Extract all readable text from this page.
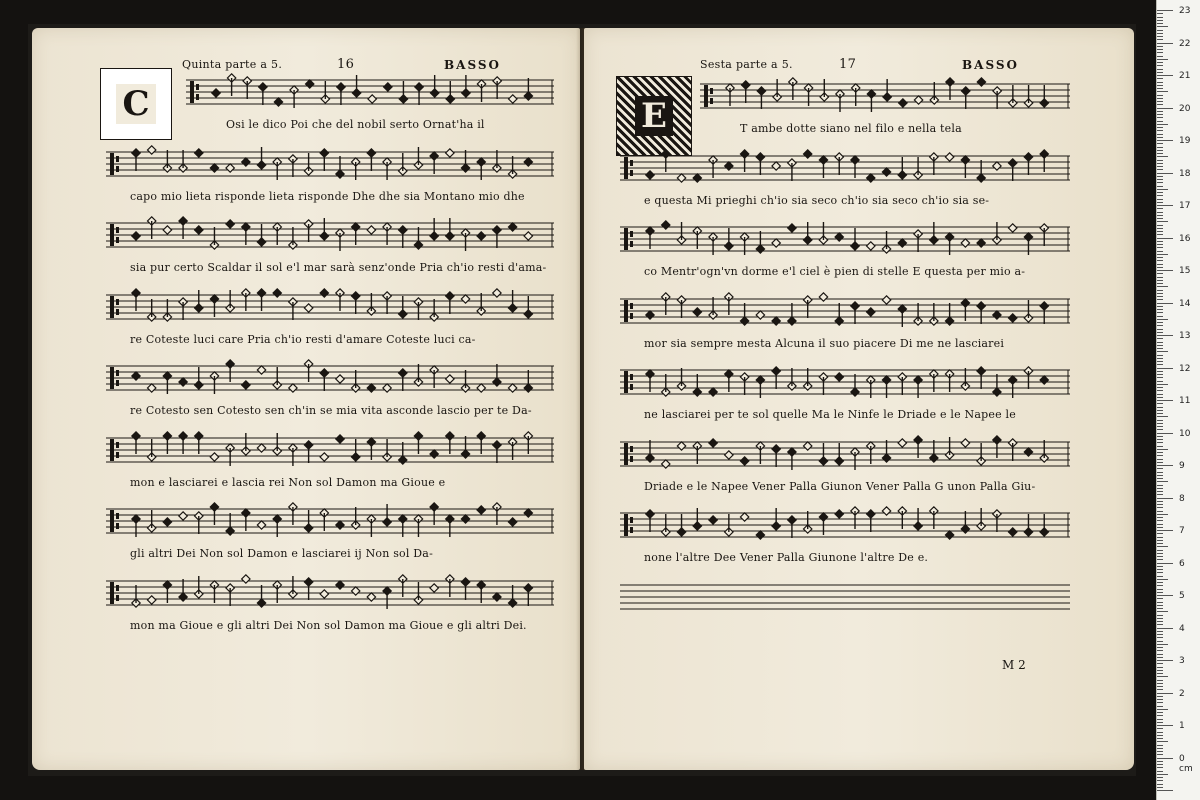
Quinta parte a 5.	16	BASSO
C
Osi le dico Poi che del nobil serto Ornat'ha il
capo mio lieta risponde lieta risponde Dhe dhe sia Montano mio dhe
sia pur certo Scaldar il sol e'l mar sarà senz'onde Pria ch'io resti d'ama-
re Coteste luci care Pria ch'io resti d'amare Coteste luci ca-
re Cotesto sen Cotesto sen ch'in se mia vita asconde lascio per te Da-
mon e lasciarei e lascia rei Non sol Damon ma Gioue e
gli altri Dei Non sol Damon e lasciarei ij Non sol Da-
mon ma Gioue e gli altri Dei Non sol Damon ma Gioue e gli altri Dei.
Sesta parte a 5.	17	BASSO
E	T ambe dotte siano nel filo e nella tela
e questa Mi prieghi ch'io sia seco ch'io sia seco ch'io sia se-
co Mentr'ogn'vn dorme e'l ciel è pien di stelle E questa per mio a-
mor sia sempre mesta Alcuna il suo piacere Di me ne lasciarei
ne lasciarei per te sol quelle Ma le Ninfe le Driade e le Napee le
Driade e le Napee Vener Palla Giunon Vener Palla G unon Palla Giu-
none l'altre Dee Vener Palla Giunone l'altre De e.
M 2
23
22
21
20
19
18
17
16
15
14
13
12
11
10
9
8
7
6
5
4
3
2
1
0 cm
